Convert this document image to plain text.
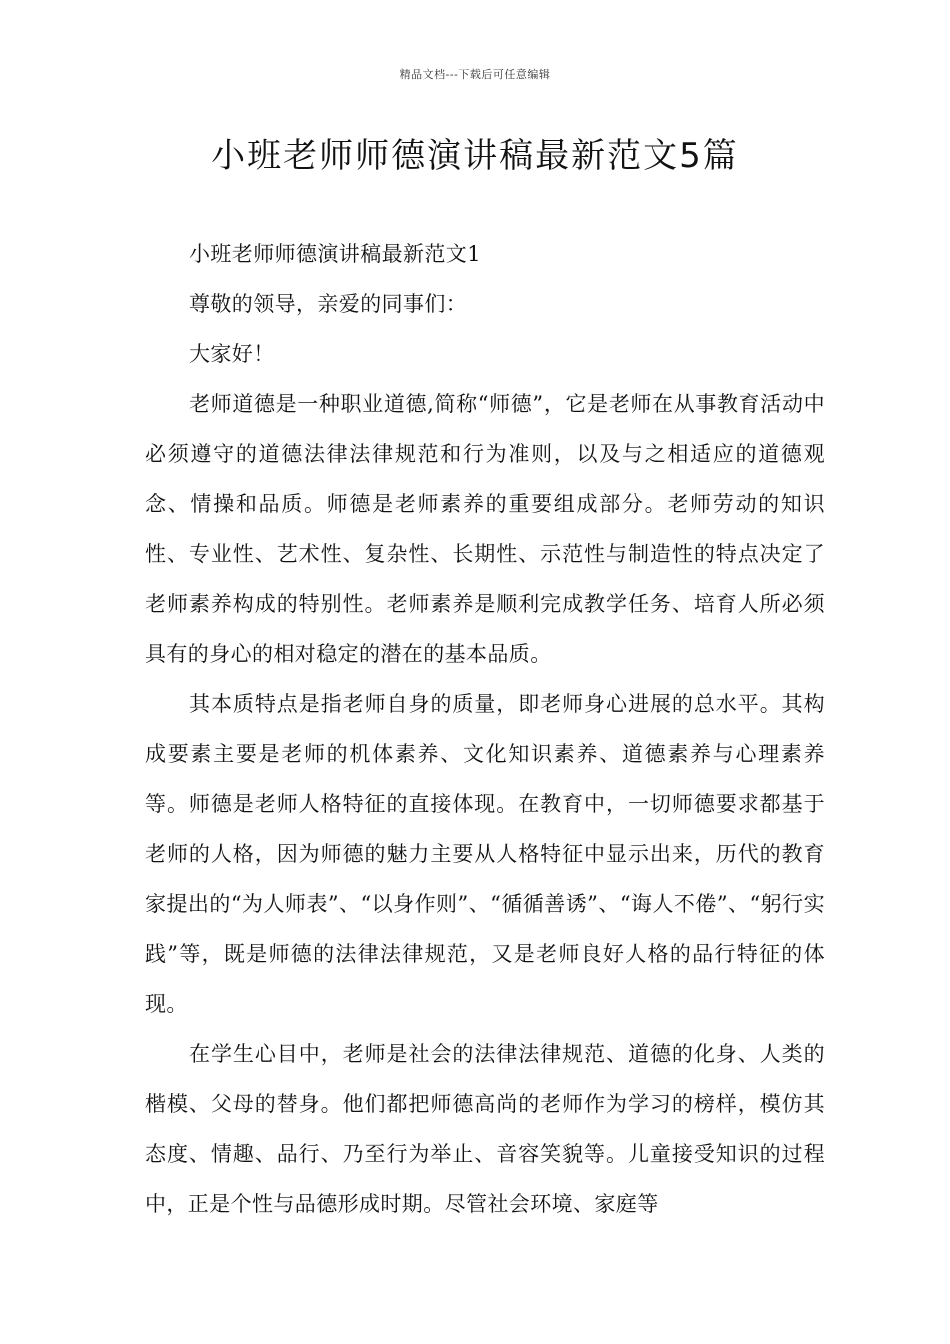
精品文档---下载后可任意编辑
小班老师师德演讲稿最新范文5篇

小班老师师德演讲稿最新范文1

尊敬的领导，亲爱的同事们：

大家好！

老师道德是一种职业道德,简称“师德”，它是老师在从事教育活动中必须遵守的道德法律法律规范和行为准则，以及与之相适应的道德观念、情操和品质。师德是老师素养的重要组成部分。老师劳动的知识性、专业性、艺术性、复杂性、长期性、示范性与制造性的特点决定了老师素养构成的特别性。老师素养是顺利完成教学任务、培育人所必须具有的身心的相对稳定的潜在的基本品质。

其本质特点是指老师自身的质量，即老师身心进展的总水平。其构成要素主要是老师的机体素养、文化知识素养、道德素养与心理素养等。师德是老师人格特征的直接体现。在教育中，一切师德要求都基于老师的人格，因为师德的魅力主要从人格特征中显示出来，历代的教育家提出的“为人师表”、“以身作则”、“循循善诱”、“诲人不倦”、“躬行实践”等，既是师德的法律法律规范，又是老师良好人格的品行特征的体现。

在学生心目中，老师是社会的法律法律规范、道德的化身、人类的楷模、父母的替身。他们都把师德高尚的老师作为学习的榜样，模仿其态度、情趣、品行、乃至行为举止、音容笑貌等。儿童接受知识的过程中，正是个性与品德形成时期。尽管社会环境、家庭等
